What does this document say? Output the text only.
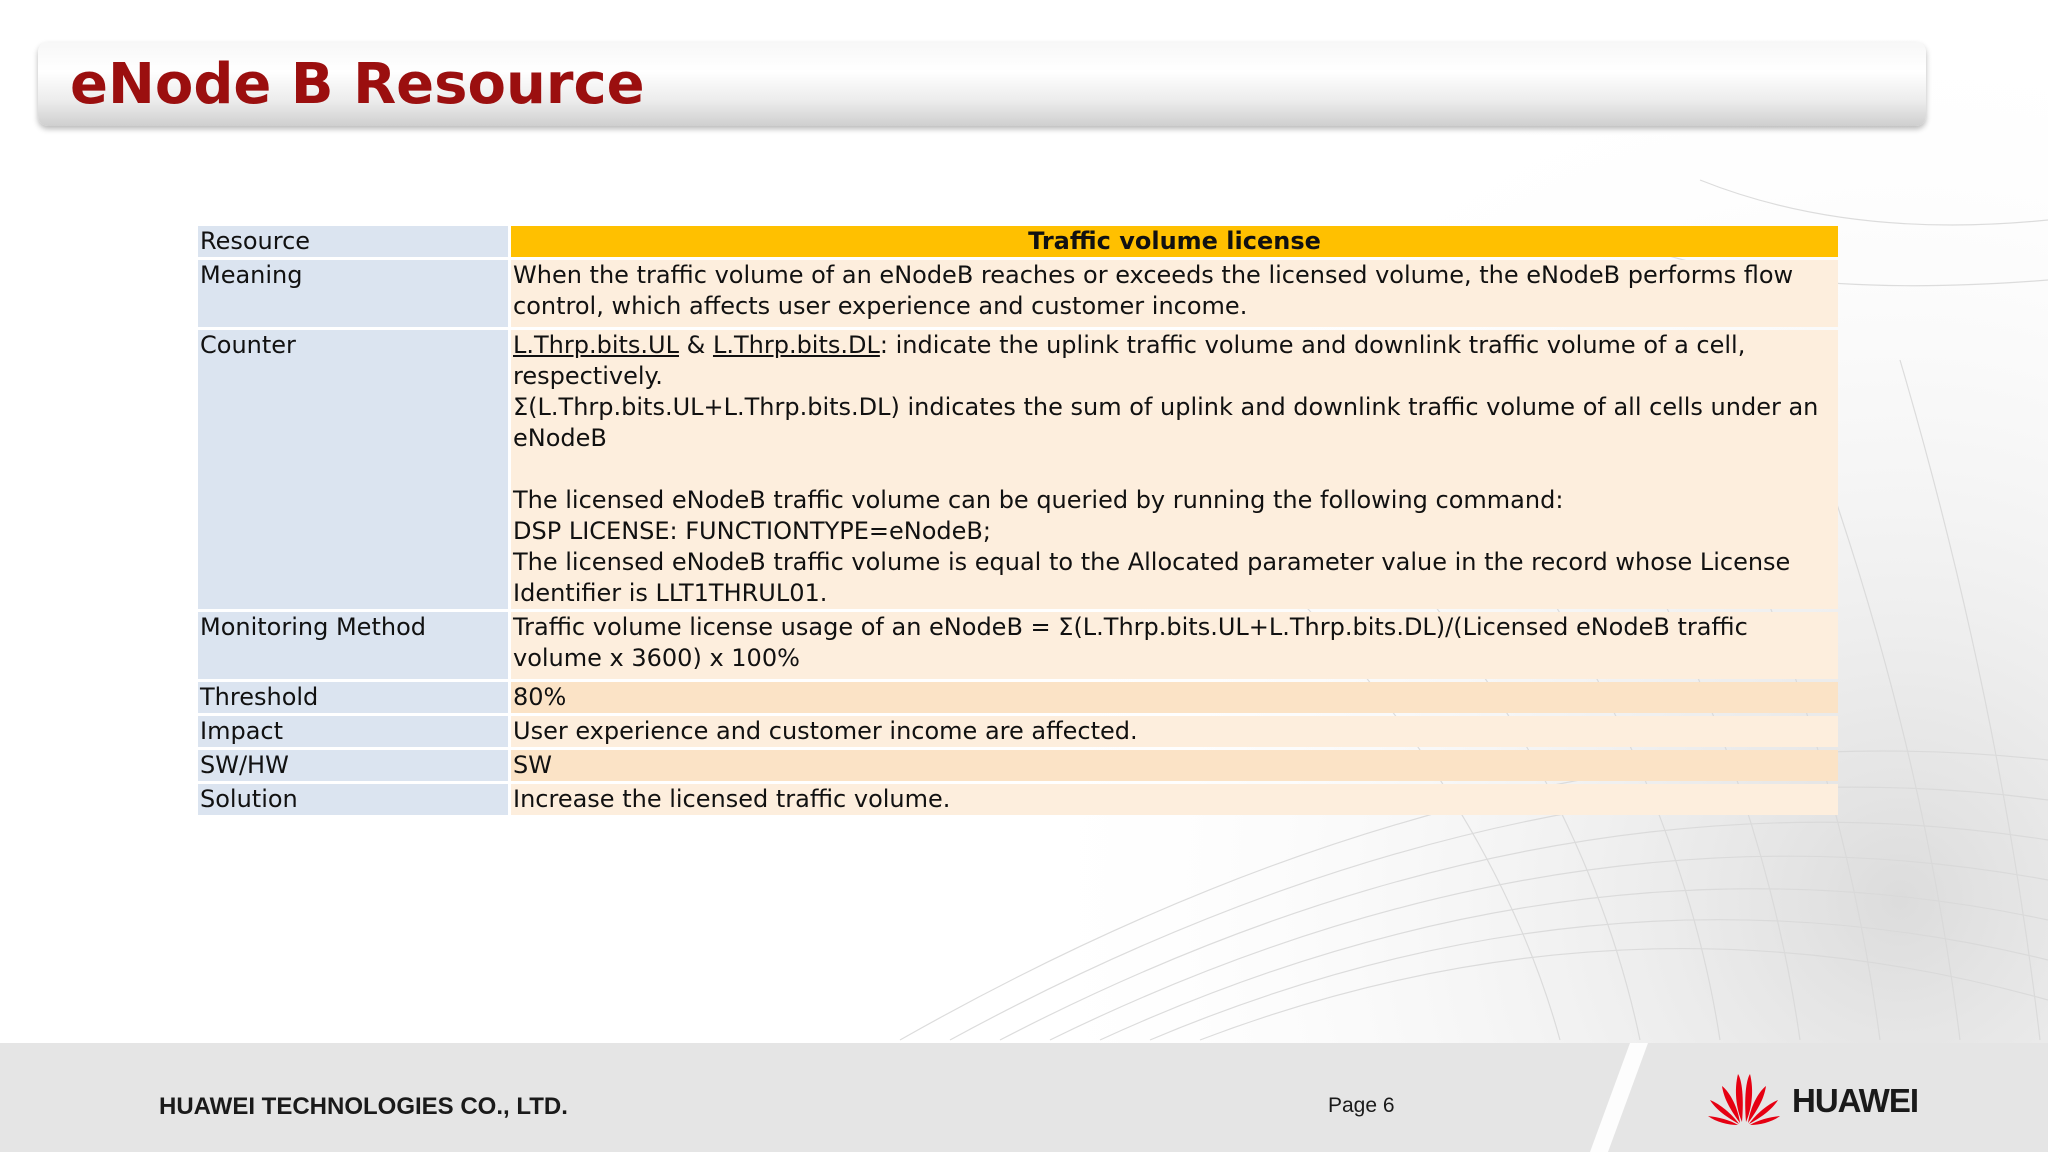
eNode B Resource
Resource	Traffic volume license
Meaning	When the traffic volume of an eNodeB reaches or exceeds the licensed volume, the eNodeB performs flow control, which affects user experience and customer income.
Counter	L.Thrp.bits.UL & L.Thrp.bits.DL: indicate the uplink traffic volume and downlink traffic volume of a cell, respectively.
Σ(L.Thrp.bits.UL+L.Thrp.bits.DL) indicates the sum of uplink and downlink traffic volume of all cells under an eNodeB
The licensed eNodeB traffic volume can be queried by running the following command:
DSP LICENSE: FUNCTIONTYPE=eNodeB;
The licensed eNodeB traffic volume is equal to the Allocated parameter value in the record whose License Identifier is LLT1THRUL01.

Monitoring Method	Traffic volume license usage of an eNodeB = Σ(L.Thrp.bits.UL+L.Thrp.bits.DL)/(Licensed eNodeB traffic volume x 3600) x 100%
Threshold	80%
Impact	User experience and customer income are affected.
SW/HW	SW
Solution	Increase the licensed traffic volume.
HUAWEI TECHNOLOGIES CO., LTD.	Page 6	HUAWEI
